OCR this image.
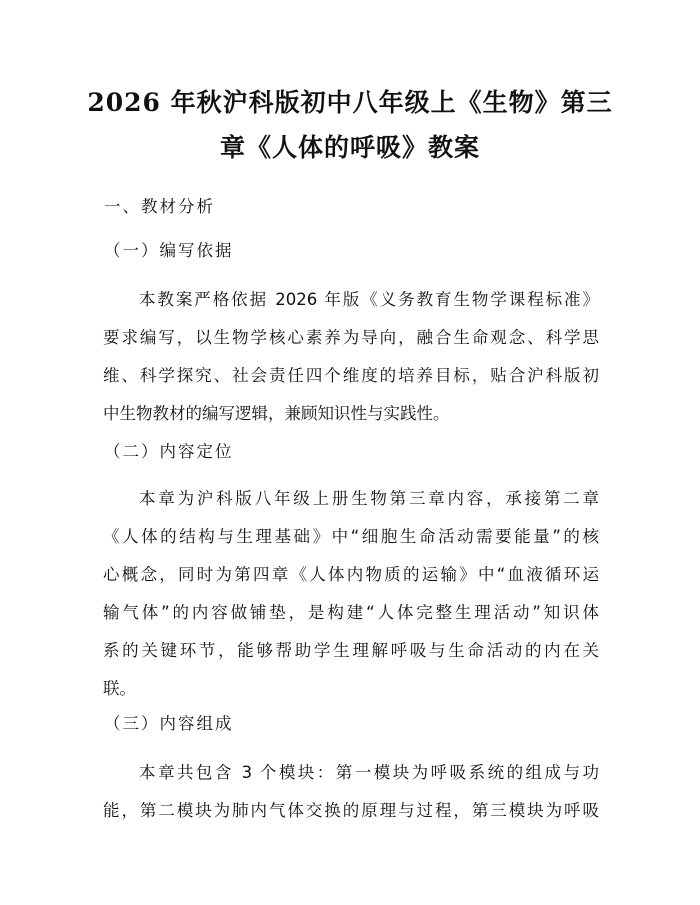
2026 年秋沪科版初中八年级上《生物》第三
章《人体的呼吸》教案
一、教材分析
（一）编写依据
本教案严格依据 2026 年版《义务教育生物学课程标准》
要求编写，以生物学核心素养为导向，融合生命观念、科学思
维、科学探究、社会责任四个维度的培养目标，贴合沪科版初
中生物教材的编写逻辑，兼顾知识性与实践性。
（二）内容定位
本章为沪科版八年级上册生物第三章内容，承接第二章
《人体的结构与生理基础》中“细胞生命活动需要能量”的核
心概念，同时为第四章《人体内物质的运输》中“血液循环运
输气体”的内容做铺垫，是构建“人体完整生理活动”知识体
系的关键环节，能够帮助学生理解呼吸与生命活动的内在关
联。
（三）内容组成
本章共包含 3 个模块：第一模块为呼吸系统的组成与功
能，第二模块为肺内气体交换的原理与过程，第三模块为呼吸
